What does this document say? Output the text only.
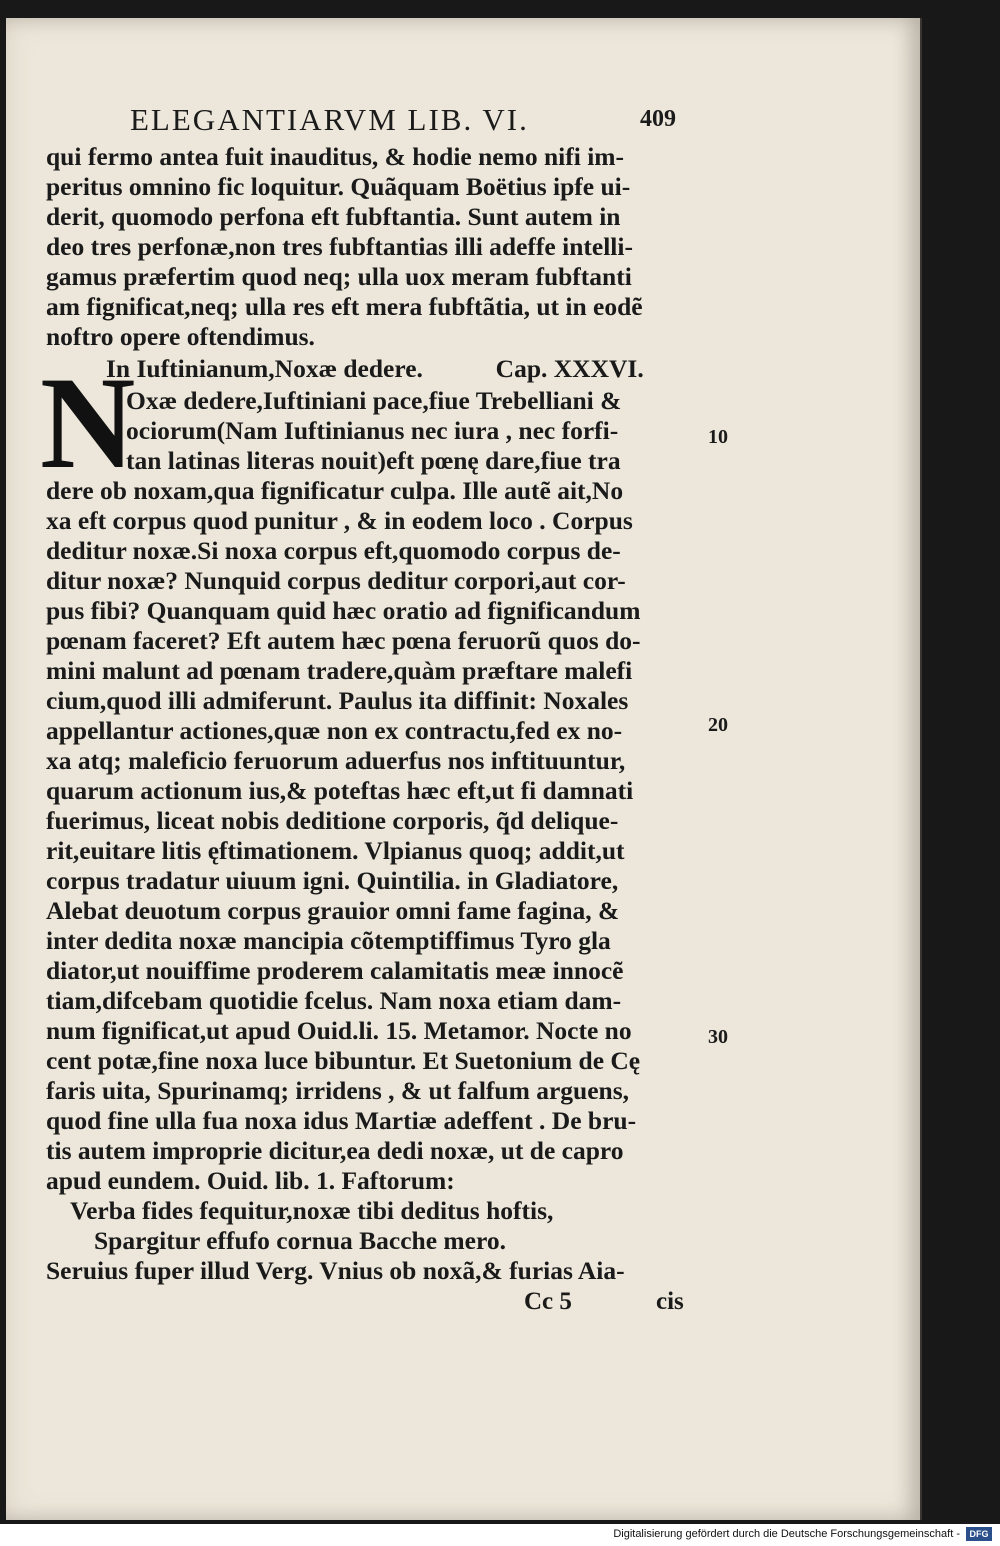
ELEGANTIARVM LIB. VI.	409
qui fermo antea fuit inauditus, & hodie nemo nifi im-
peritus omnino fic loquitur. Quãquam Boëtius ipfe ui-
derit, quomodo perfona eft fubftantia. Sunt autem in
deo tres perfonæ,non tres fubftantias illi adeffe intelli-
gamus præfertim quod neq; ulla uox meram fubftanti
am fignificat,neq; ulla res eft mera fubftãtia, ut in eodẽ
noftro opere oftendimus.
In Iuftinianum,Noxæ dedere.	Cap. XXXVI.
N
Oxæ dedere,Iuftiniani pace,fiue Trebelliani &
ociorum(Nam Iuftinianus nec iura , nec forfi-
tan latinas literas nouit)eft pœnę dare,fiue tra
dere ob noxam,qua fignificatur culpa. Ille autẽ ait,No
xa eft corpus quod punitur , & in eodem loco . Corpus
deditur noxæ.Si noxa corpus eft,quomodo corpus de-
ditur noxæ? Nunquid corpus deditur corpori,aut cor-
pus fibi? Quanquam quid hæc oratio ad fignificandum
pœnam faceret? Eft autem hæc pœna feruorũ quos do-
mini malunt ad pœnam tradere,quàm præftare malefi
cium,quod illi admiferunt. Paulus ita diffinit: Noxales
appellantur actiones,quæ non ex contractu,fed ex no-
xa atq; maleficio feruorum aduerfus nos inftituuntur,
quarum actionum ius,& poteftas hæc eft,ut fi damnati
fuerimus, liceat nobis deditione corporis, q̃d delique-
rit,euitare litis ęftimationem. Vlpianus quoq; addit,ut
corpus tradatur uiuum igni. Quintilia. in Gladiatore,
Alebat deuotum corpus grauior omni fame fagina, &
inter dedita noxæ mancipia cõtemptiffimus Tyro gla
diator,ut nouiffime proderem calamitatis meæ innocẽ
tiam,difcebam quotidie fcelus. Nam noxa etiam dam-
num fignificat,ut apud Ouid.li. 15. Metamor. Nocte no
cent potæ,fine noxa luce bibuntur. Et Suetonium de Cę
faris uita, Spurinamq; irridens , & ut falfum arguens,
quod fine ulla fua noxa idus Martiæ adeffent . De bru-
tis autem improprie dicitur,ea dedi noxæ, ut de capro
apud eundem. Ouid. lib. 1. Faftorum:
Verba fides fequitur,noxæ tibi deditus hoftis,
Spargitur effufo cornua Bacche mero.
Seruius fuper illud Verg. Vnius ob noxã,& furias Aia-
Cc 5	cis
10
20
30
Digitalisierung gefördert durch die Deutsche Forschungsgemeinschaft -	DFG
